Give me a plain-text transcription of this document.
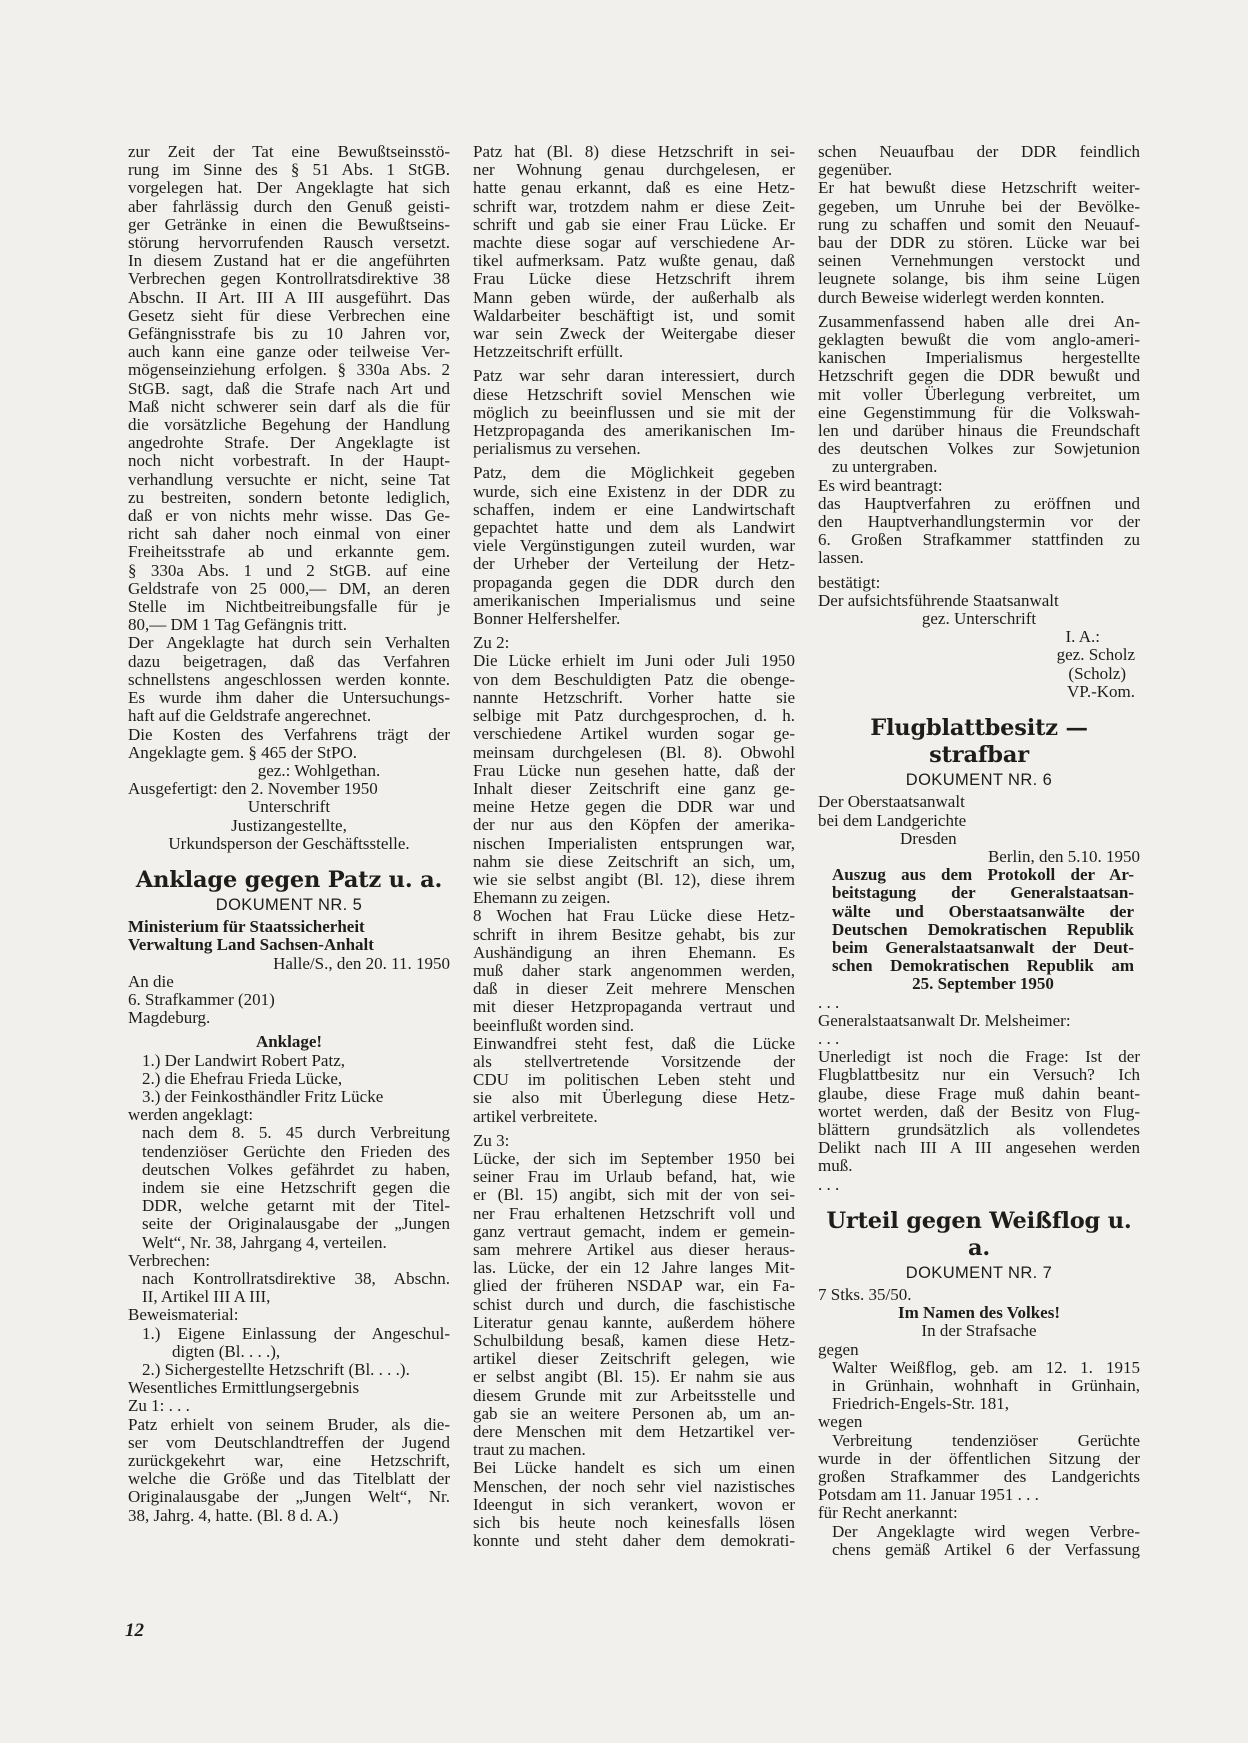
zur Zeit der Tat eine Bewußtseinsstö-

rung im Sinne des § 51 Abs. 1 StGB.

vorgelegen hat. Der Angeklagte hat sich

aber fahrlässig durch den Genuß geisti-

ger Getränke in einen die Bewußtseins-

störung hervorrufenden Rausch versetzt.

In diesem Zustand hat er die angeführten

Verbrechen gegen Kontrollratsdirektive 38

Abschn. II Art. III A III ausgeführt. Das

Gesetz sieht für diese Verbrechen eine

Gefängnisstrafe bis zu 10 Jahren vor,

auch kann eine ganze oder teilweise Ver-

mögenseinziehung erfolgen. § 330a Abs. 2

StGB. sagt, daß die Strafe nach Art und

Maß nicht schwerer sein darf als die für

die vorsätzliche Begehung der Handlung

angedrohte Strafe. Der Angeklagte ist

noch nicht vorbestraft. In der Haupt-

verhandlung versuchte er nicht, seine Tat

zu bestreiten, sondern betonte lediglich,

daß er von nichts mehr wisse. Das Ge-

richt sah daher noch einmal von einer

Freiheitsstrafe ab und erkannte gem.

§ 330a Abs. 1 und 2 StGB. auf eine

Geldstrafe von 25 000,— DM, an deren

Stelle im Nichtbeitreibungsfalle für je

80,— DM 1 Tag Gefängnis tritt.

Der Angeklagte hat durch sein Verhalten

dazu beigetragen, daß das Verfahren

schnellstens angeschlossen werden konnte.

Es wurde ihm daher die Untersuchungs-

haft auf die Geldstrafe angerechnet.

Die Kosten des Verfahrens trägt der

Angeklagte gem. § 465 der StPO.

gez.: Wohlgethan.

Ausgefertigt: den 2. November 1950

Unterschrift

Justizangestellte,

Urkundsperson der Geschäftsstelle.

Anklage gegen Patz u. a.

DOKUMENT NR. 5

Ministerium für Staatssicherheit

Verwaltung Land Sachsen-Anhalt

Halle/S., den 20. 11. 1950

An die

6. Strafkammer (201)

Magdeburg.

Anklage!

1.) Der Landwirt Robert Patz,

2.) die Ehefrau Frieda Lücke,

3.) der Feinkosthändler Fritz Lücke

werden angeklagt:

nach dem 8. 5. 45 durch Verbreitung

tendenziöser Gerüchte den Frieden des

deutschen Volkes gefährdet zu haben,

indem sie eine Hetzschrift gegen die

DDR, welche getarnt mit der Titel-

seite der Originalausgabe der „Jungen

Welt“, Nr. 38, Jahrgang 4, verteilen.

Verbrechen:

nach Kontrollratsdirektive 38, Abschn.

II, Artikel III A III,

Beweismaterial:

1.) Eigene Einlassung der Angeschul-

digten (Bl. . . .),

2.) Sichergestellte Hetzschrift (Bl. . . .).

Wesentliches Ermittlungsergebnis

Zu 1: . . .

Patz erhielt von seinem Bruder, als die-

ser vom Deutschlandtreffen der Jugend

zurückgekehrt war, eine Hetzschrift,

welche die Größe und das Titelblatt der

Originalausgabe der „Jungen Welt“, Nr.

38, Jahrg. 4, hatte. (Bl. 8 d. A.)

Patz hat (Bl. 8) diese Hetzschrift in sei-

ner Wohnung genau durchgelesen, er

hatte genau erkannt, daß es eine Hetz-

schrift war, trotzdem nahm er diese Zeit-

schrift und gab sie einer Frau Lücke. Er

machte diese sogar auf verschiedene Ar-

tikel aufmerksam. Patz wußte genau, daß

Frau Lücke diese Hetzschrift ihrem

Mann geben würde, der außerhalb als

Waldarbeiter beschäftigt ist, und somit

war sein Zweck der Weitergabe dieser

Hetzzeitschrift erfüllt.

Patz war sehr daran interessiert, durch

diese Hetzschrift soviel Menschen wie

möglich zu beeinflussen und sie mit der

Hetzpropaganda des amerikanischen Im-

perialismus zu versehen.

Patz, dem die Möglichkeit gegeben

wurde, sich eine Existenz in der DDR zu

schaffen, indem er eine Landwirtschaft

gepachtet hatte und dem als Landwirt

viele Vergünstigungen zuteil wurden, war

der Urheber der Verteilung der Hetz-

propaganda gegen die DDR durch den

amerikanischen Imperialismus und seine

Bonner Helfershelfer.

Zu 2:

Die Lücke erhielt im Juni oder Juli 1950

von dem Beschuldigten Patz die obenge-

nannte Hetzschrift. Vorher hatte sie

selbige mit Patz durchgesprochen, d. h.

verschiedene Artikel wurden sogar ge-

meinsam durchgelesen (Bl. 8). Obwohl

Frau Lücke nun gesehen hatte, daß der

Inhalt dieser Zeitschrift eine ganz ge-

meine Hetze gegen die DDR war und

der nur aus den Köpfen der amerika-

nischen Imperialisten entsprungen war,

nahm sie diese Zeitschrift an sich, um,

wie sie selbst angibt (Bl. 12), diese ihrem

Ehemann zu zeigen.

8 Wochen hat Frau Lücke diese Hetz-

schrift in ihrem Besitze gehabt, bis zur

Aushändigung an ihren Ehemann. Es

muß daher stark angenommen werden,

daß in dieser Zeit mehrere Menschen

mit dieser Hetzpropaganda vertraut und

beeinflußt worden sind.

Einwandfrei steht fest, daß die Lücke

als stellvertretende Vorsitzende der

CDU im politischen Leben steht und

sie also mit Überlegung diese Hetz-

artikel verbreitete.

Zu 3:

Lücke, der sich im September 1950 bei

seiner Frau im Urlaub befand, hat, wie

er (Bl. 15) angibt, sich mit der von sei-

ner Frau erhaltenen Hetzschrift voll und

ganz vertraut gemacht, indem er gemein-

sam mehrere Artikel aus dieser heraus-

las. Lücke, der ein 12 Jahre langes Mit-

glied der früheren NSDAP war, ein Fa-

schist durch und durch, die faschistische

Literatur genau kannte, außerdem höhere

Schulbildung besaß, kamen diese Hetz-

artikel dieser Zeitschrift gelegen, wie

er selbst angibt (Bl. 15). Er nahm sie aus

diesem Grunde mit zur Arbeitsstelle und

gab sie an weitere Personen ab, um an-

dere Menschen mit dem Hetzartikel ver-

traut zu machen.

Bei Lücke handelt es sich um einen

Menschen, der noch sehr viel nazistisches

Ideengut in sich verankert, wovon er

sich bis heute noch keinesfalls lösen

konnte und steht daher dem demokrati-

schen Neuaufbau der DDR feindlich

gegenüber.

Er hat bewußt diese Hetzschrift weiter-

gegeben, um Unruhe bei der Bevölke-

rung zu schaffen und somit den Neuauf-

bau der DDR zu stören. Lücke war bei

seinen Vernehmungen verstockt und

leugnete solange, bis ihm seine Lügen

durch Beweise widerlegt werden konnten.

Zusammenfassend haben alle drei An-

geklagten bewußt die vom anglo-ameri-

kanischen Imperialismus hergestellte

Hetzschrift gegen die DDR bewußt und

mit voller Überlegung verbreitet, um

eine Gegenstimmung für die Volkswah-

len und darüber hinaus die Freundschaft

des deutschen Volkes zur Sowjetunion

zu untergraben.

Es wird beantragt:

das Hauptverfahren zu eröffnen und

den Hauptverhandlungstermin vor der

6. Großen Strafkammer stattfinden zu

lassen.

bestätigt:

Der aufsichtsführende Staatsanwalt

gez. Unterschrift

I. A.:

gez. Scholz

(Scholz)

VP.-Kom.

Flugblattbesitz — strafbar

DOKUMENT NR. 6

Der Oberstaatsanwalt

bei dem Landgerichte

Dresden

Berlin, den 5.10. 1950

Auszug aus dem Protokoll der Ar-

beitstagung der Generalstaatsan-

wälte und Oberstaatsanwälte der

Deutschen Demokratischen Republik

beim Generalstaatsanwalt der Deut-

schen Demokratischen Republik am

25. September 1950

. . .

Generalstaatsanwalt Dr. Melsheimer:

. . .

Unerledigt ist noch die Frage: Ist der

Flugblattbesitz nur ein Versuch? Ich

glaube, diese Frage muß dahin beant-

wortet werden, daß der Besitz von Flug-

blättern grundsätzlich als vollendetes

Delikt nach III A III angesehen werden

muß.

. . .

Urteil gegen Weißflog u. a.

DOKUMENT NR. 7

7 Stks. 35/50.

Im Namen des Volkes!

In der Strafsache

gegen

Walter Weißflog, geb. am 12. 1. 1915

in Grünhain, wohnhaft in Grünhain,

Friedrich-Engels-Str. 181,

wegen

Verbreitung tendenziöser Gerüchte

wurde in der öffentlichen Sitzung der

großen Strafkammer des Landgerichts

Potsdam am 11. Januar 1951 . . .

für Recht anerkannt:

Der Angeklagte wird wegen Verbre-

chens gemäß Artikel 6 der Verfassung

12
